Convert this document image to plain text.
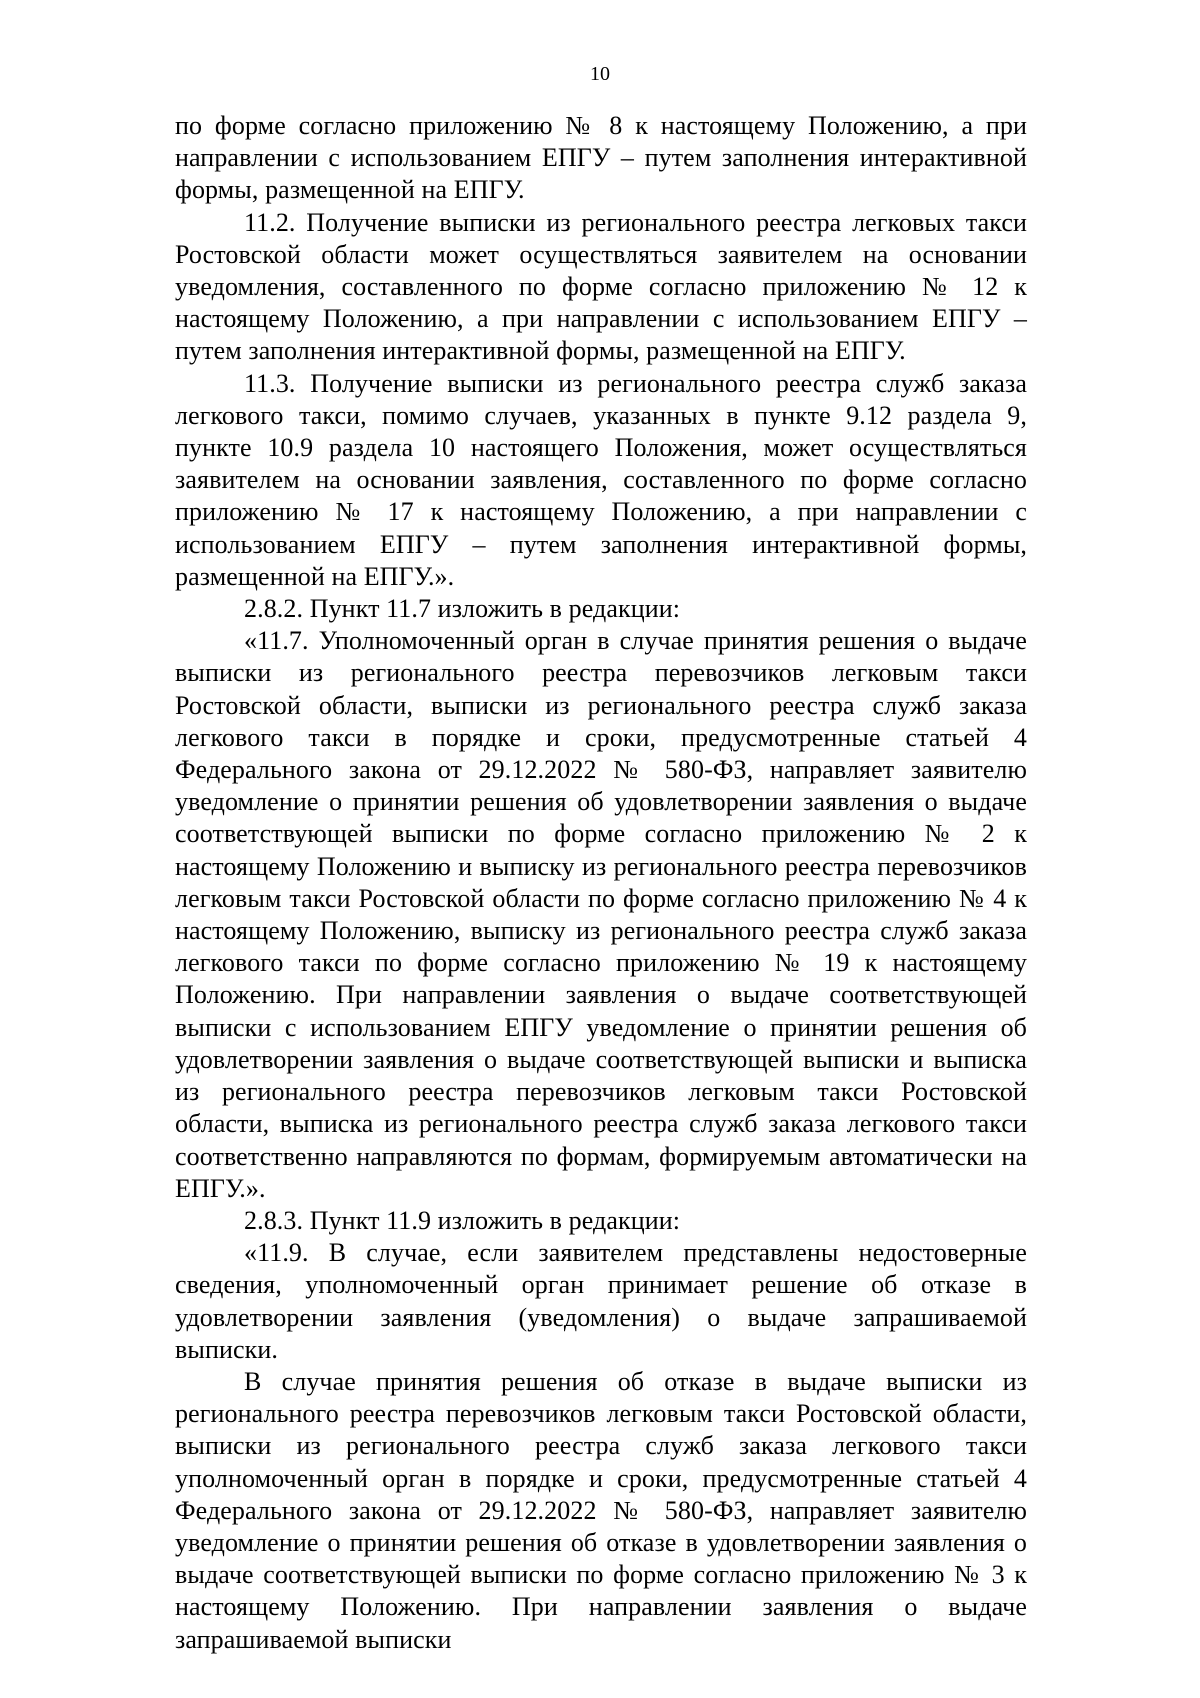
10

по форме согласно приложению № 8 к настоящему Положению, а при направлении с использованием ЕПГУ – путем заполнения интерактивной формы, размещенной на ЕПГУ.

11.2. Получение выписки из регионального реестра легковых такси Ростовской области может осуществляться заявителем на основании уведомления, составленного по форме согласно приложению № 12 к настоящему Положению, а при направлении с использованием ЕПГУ – путем заполнения интерактивной формы, размещенной на ЕПГУ.

11.3. Получение выписки из регионального реестра служб заказа легкового такси, помимо случаев, указанных в пункте 9.12 раздела 9, пункте 10.9 раздела 10 настоящего Положения, может осуществляться заявителем на основании заявления, составленного по форме согласно приложению № 17 к настоящему Положению, а при направлении с использованием ЕПГУ – путем заполнения интерактивной формы, размещенной на ЕПГУ.».

2.8.2. Пункт 11.7 изложить в редакции:

«11.7. Уполномоченный орган в случае принятия решения о выдаче выписки из регионального реестра перевозчиков легковым такси Ростовской области, выписки из регионального реестра служб заказа легкового такси в порядке и сроки, предусмотренные статьей 4 Федерального закона от 29.12.2022 № 580-ФЗ, направляет заявителю уведомление о принятии решения об удовлетворении заявления о выдаче соответствующей выписки по форме согласно приложению № 2 к настоящему Положению и выписку из регионального реестра перевозчиков легковым такси Ростовской области по форме согласно приложению № 4 к настоящему Положению, выписку из регионального реестра служб заказа легкового такси по форме согласно приложению № 19 к настоящему Положению. При направлении заявления о выдаче соответствующей выписки с использованием ЕПГУ уведомление о принятии решения об удовлетворении заявления о выдаче соответствующей выписки и выписка из регионального реестра перевозчиков легковым такси Ростовской области, выписка из регионального реестра служб заказа легкового такси соответственно направляются по формам, формируемым автоматически на ЕПГУ.».

2.8.3. Пункт 11.9 изложить в редакции:

«11.9. В случае, если заявителем представлены недостоверные сведения, уполномоченный орган принимает решение об отказе в удовлетворении заявления (уведомления) о выдаче запрашиваемой выписки.

В случае принятия решения об отказе в выдаче выписки из регионального реестра перевозчиков легковым такси Ростовской области, выписки из регионального реестра служб заказа легкового такси уполномоченный орган в порядке и сроки, предусмотренные статьей 4 Федерального закона от 29.12.2022 № 580-ФЗ, направляет заявителю уведомление о принятии решения об отказе в удовлетворении заявления о выдаче соответствующей выписки по форме согласно приложению № 3 к настоящему Положению. При направлении заявления о выдаче запрашиваемой выписки
